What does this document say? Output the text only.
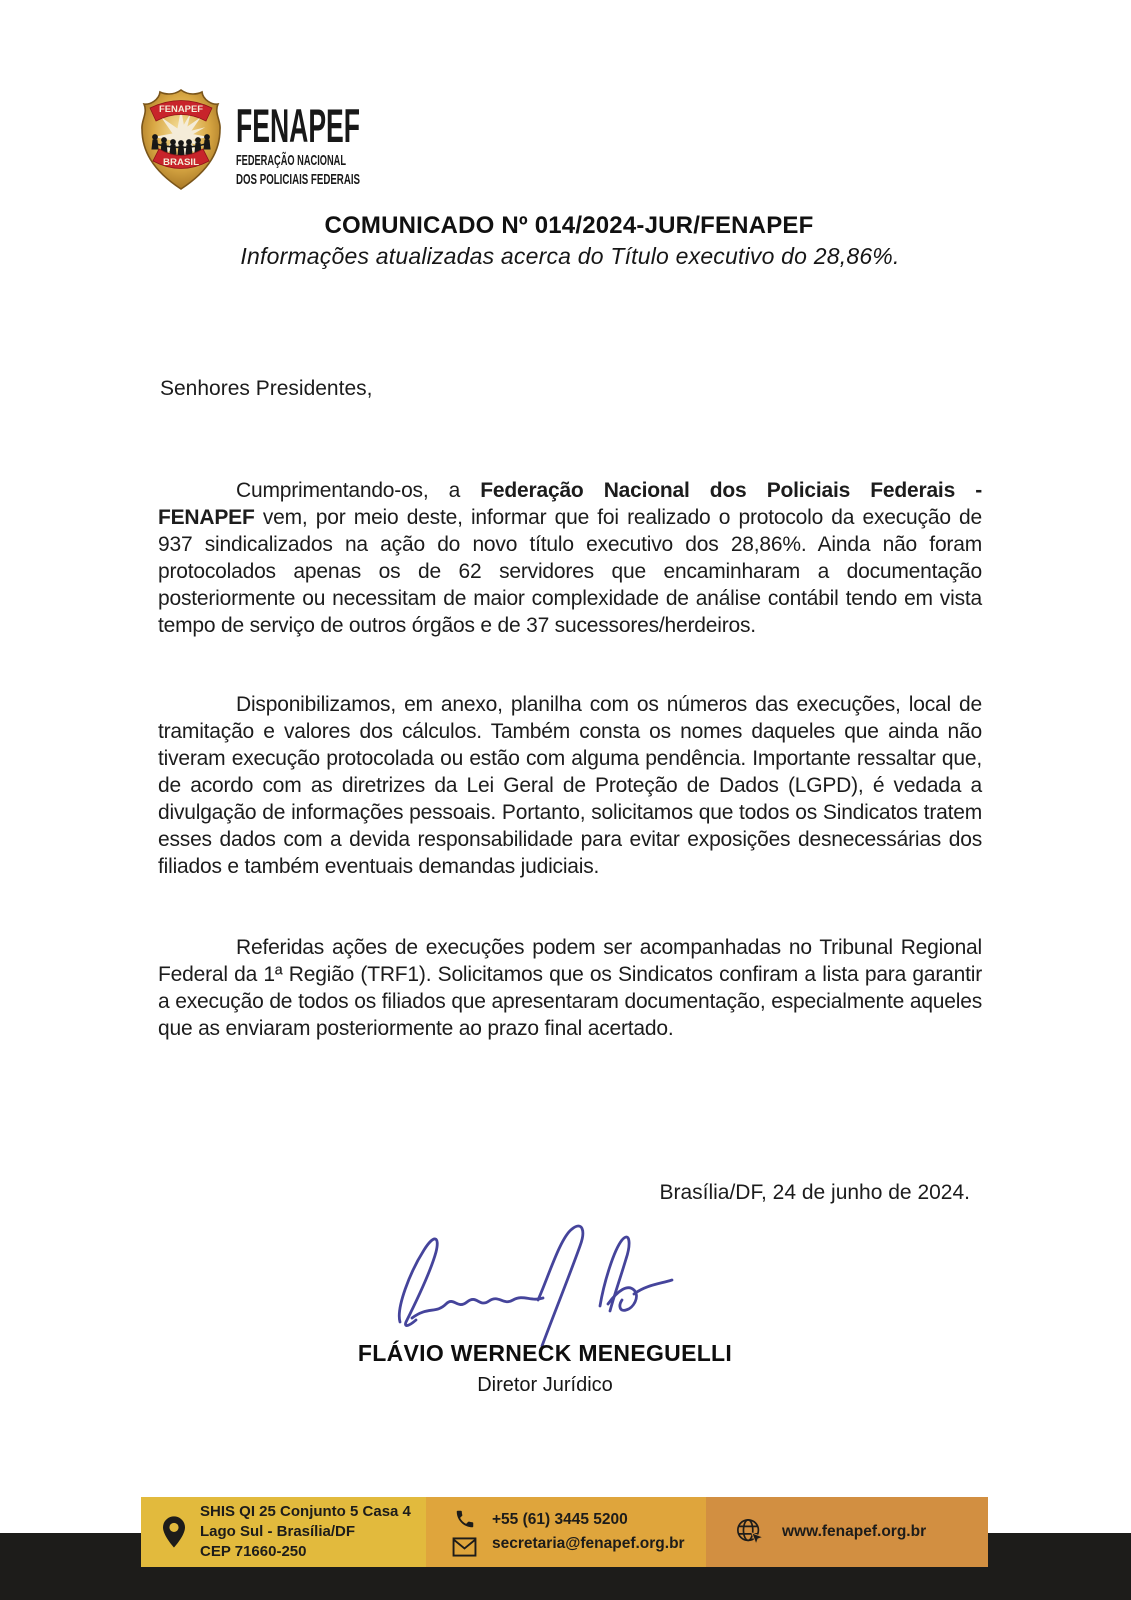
FENAPEF
BRASIL
FENAPEF
FEDERAÇÃO NACIONAL
DOS POLICIAIS FEDERAIS
COMUNICADO Nº 014/2024-JUR/FENAPEF
Informações atualizadas acerca do Título executivo do 28,86%.
Senhores Presidentes,

Cumprimentando-os, a Federação Nacional dos Policiais Federais - FENAPEF vem, por meio deste, informar que foi realizado o protocolo da execução de 937 sindicalizados na ação do novo título executivo dos 28,86%. Ainda não foram protocolados apenas os de 62 servidores que encaminharam a documentação posteriormente ou necessitam de maior complexidade de análise contábil tendo em vista tempo de serviço de outros órgãos e de 37 sucessores/herdeiros.

Disponibilizamos, em anexo, planilha com os números das execuções, local de tramitação e valores dos cálculos. Também consta os nomes daqueles que ainda não tiveram execução protocolada ou estão com alguma pendência. Importante ressaltar que, de acordo com as diretrizes da Lei Geral de Proteção de Dados (LGPD), é vedada a divulgação de informações pessoais. Portanto, solicitamos que todos os Sindicatos tratem esses dados com a devida responsabilidade para evitar exposições desnecessárias dos filiados e também eventuais demandas judiciais.

Referidas ações de execuções podem ser acompanhadas no Tribunal Regional Federal da 1ª Região (TRF1). Solicitamos que os Sindicatos confiram a lista para garantir a execução de todos os filiados que apresentaram documentação, especialmente aqueles que as enviaram posteriormente ao prazo final acertado.

Brasília/DF, 24 de junho de 2024.
FLÁVIO WERNECK MENEGUELLI
Diretor Jurídico
SHIS QI 25 Conjunto 5 Casa 4
Lago Sul - Brasília/DF
CEP 71660-250
+55 (61) 3445 5200
secretaria@fenapef.org.br
www.fenapef.org.br
